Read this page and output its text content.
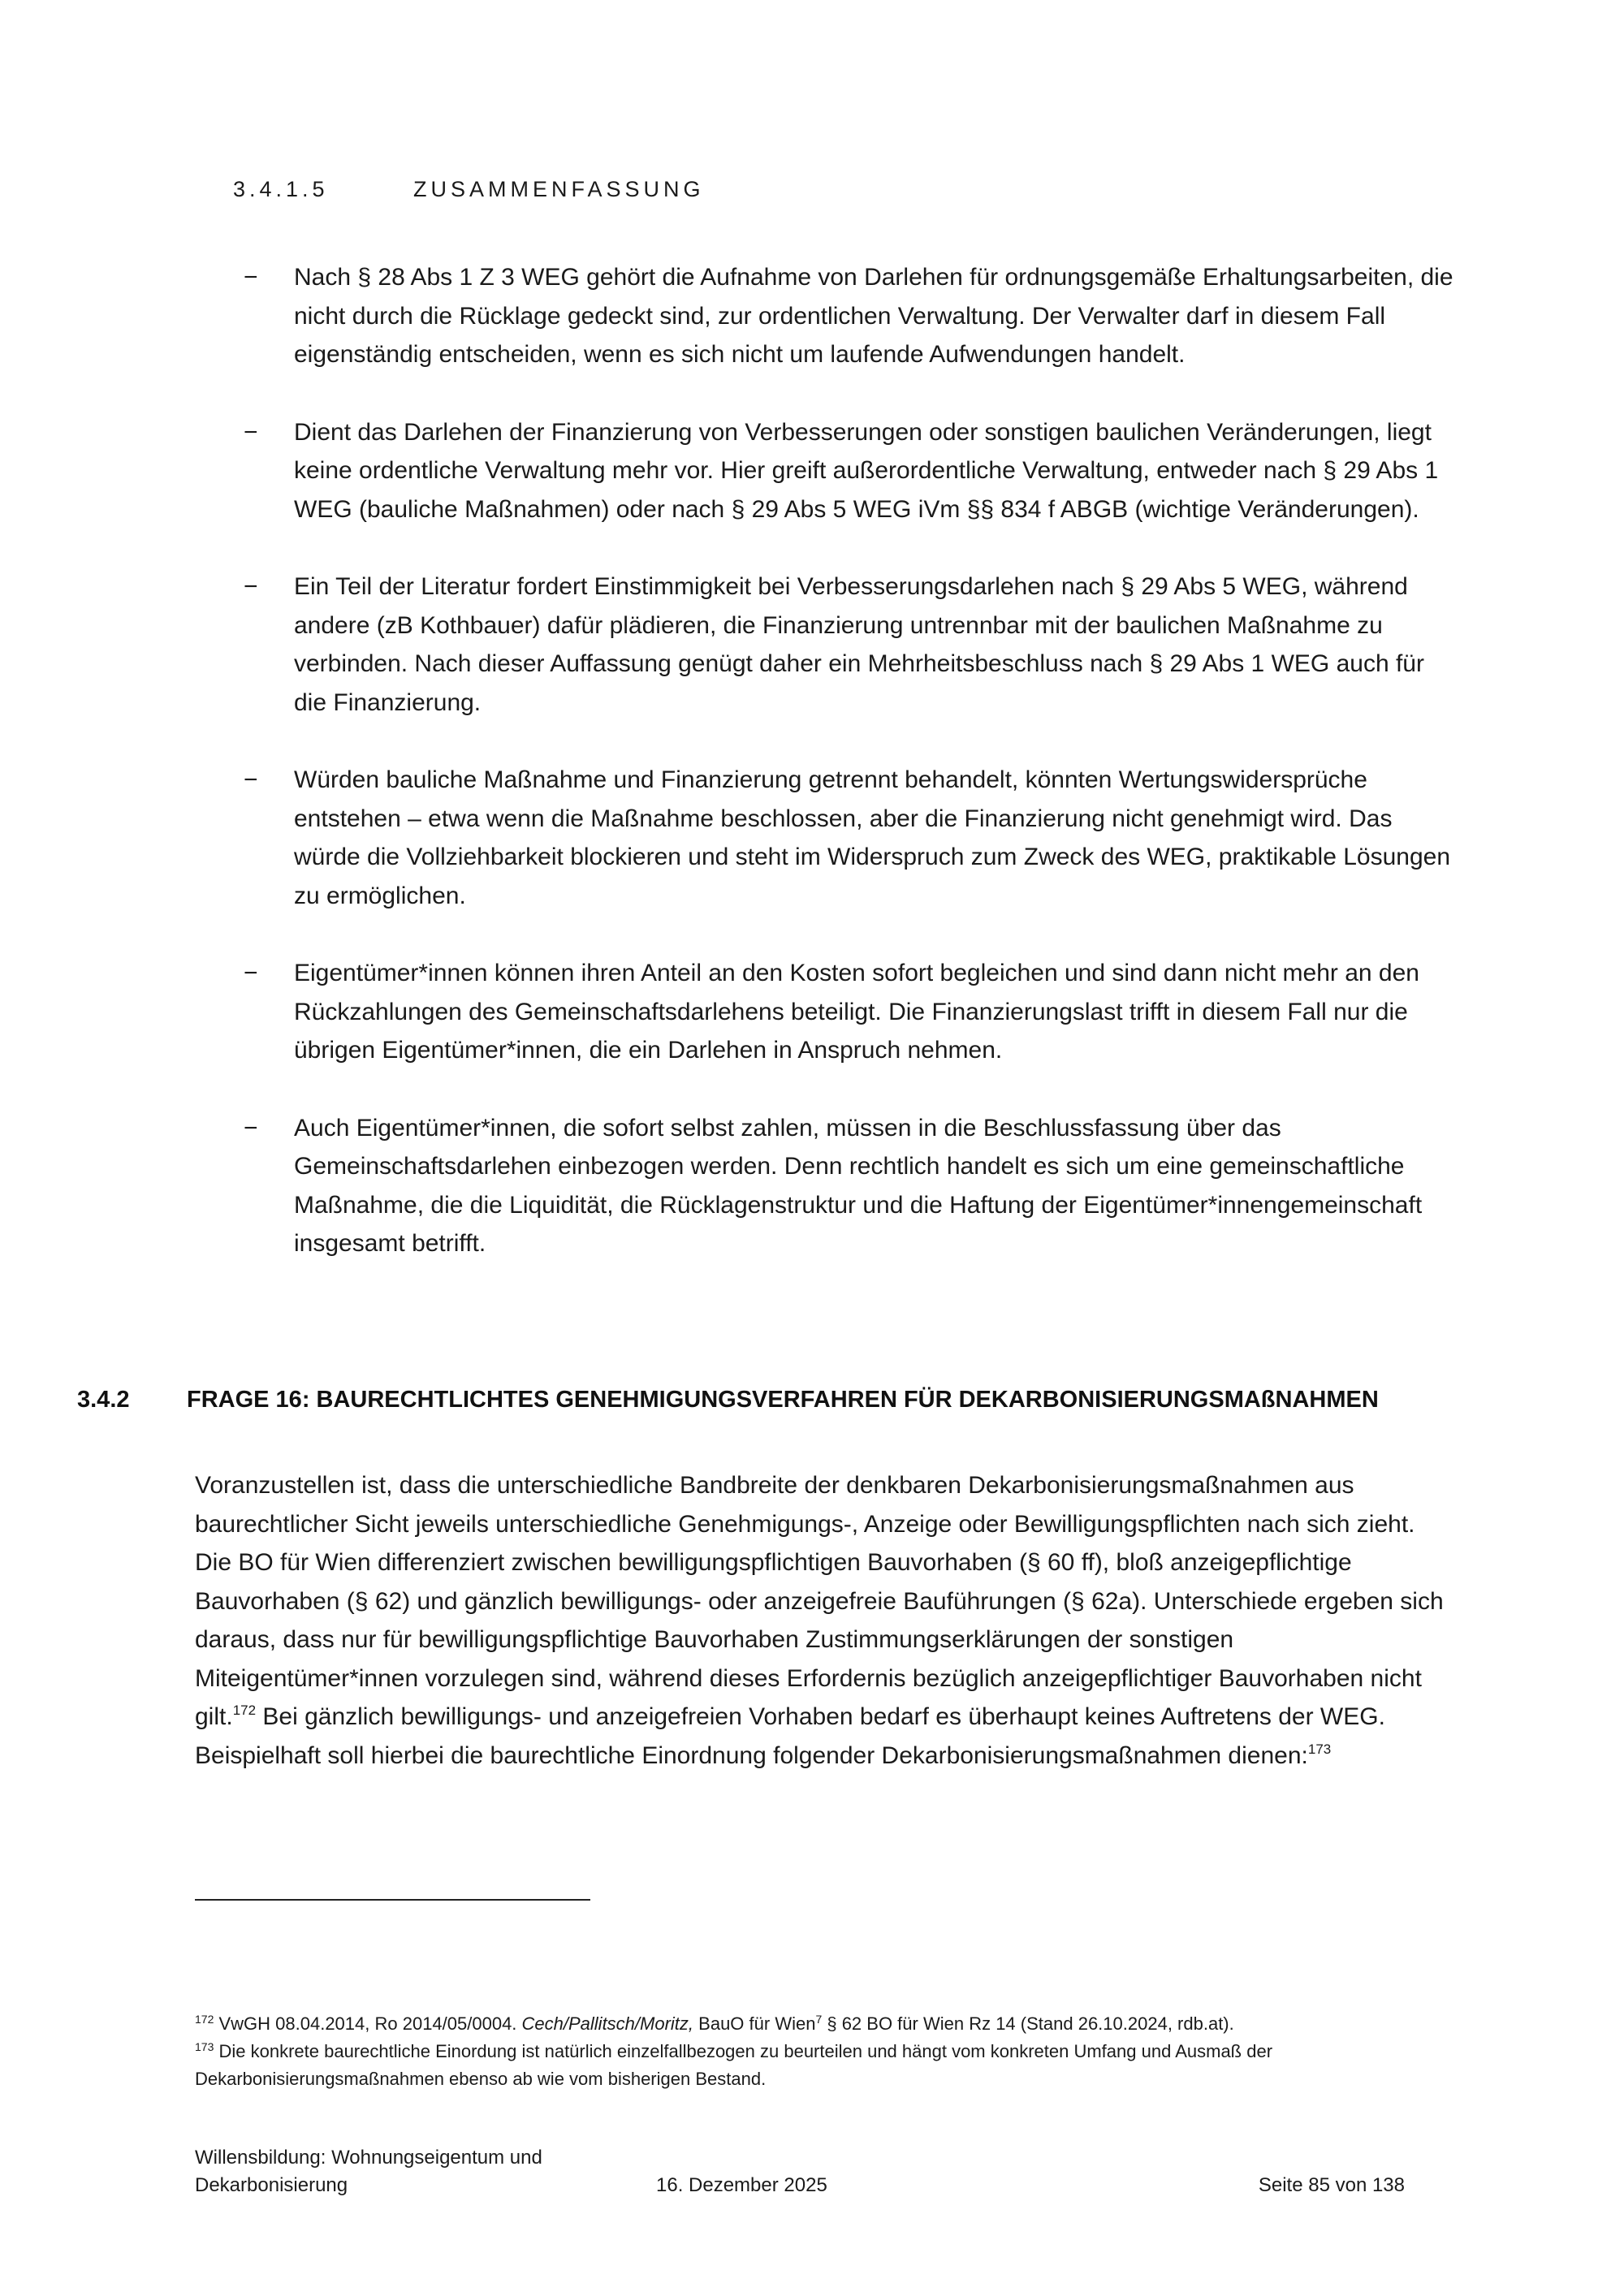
3.4.1.5	ZUSAMMENFASSUNG
−	Nach § 28 Abs 1 Z 3 WEG gehört die Aufnahme von Darlehen für ordnungsgemäße Erhaltungsarbeiten, die nicht durch die Rücklage gedeckt sind, zur ordentlichen Verwaltung. Der Verwalter darf in diesem Fall eigenständig entscheiden, wenn es sich nicht um laufende Aufwendungen handelt.
−	Dient das Darlehen der Finanzierung von Verbesserungen oder sonstigen baulichen Veränderungen, liegt keine ordentliche Verwaltung mehr vor. Hier greift außerordentliche Verwaltung, entweder nach § 29 Abs 1 WEG (bauliche Maßnahmen) oder nach § 29 Abs 5 WEG iVm §§ 834 f ABGB (wichtige Veränderungen).
−	Ein Teil der Literatur fordert Einstimmigkeit bei Verbesserungsdarlehen nach § 29 Abs 5 WEG, während andere (zB Kothbauer) dafür plädieren, die Finanzierung untrennbar mit der baulichen Maßnahme zu verbinden. Nach dieser Auffassung genügt daher ein Mehrheitsbeschluss nach § 29 Abs 1 WEG auch für die Finanzierung.
−	Würden bauliche Maßnahme und Finanzierung getrennt behandelt, könnten Wertungswidersprüche entstehen – etwa wenn die Maßnahme beschlossen, aber die Finanzierung nicht genehmigt wird. Das würde die Vollziehbarkeit blockieren und steht im Widerspruch zum Zweck des WEG, praktikable Lösungen zu ermöglichen.
−	Eigentümer*innen können ihren Anteil an den Kosten sofort begleichen und sind dann nicht mehr an den Rückzahlungen des Gemeinschaftsdarlehens beteiligt. Die Finanzierungslast trifft in diesem Fall nur die übrigen Eigentümer*innen, die ein Darlehen in Anspruch nehmen.
−	Auch Eigentümer*innen, die sofort selbst zahlen, müssen in die Beschlussfassung über das Gemeinschaftsdarlehen einbezogen werden. Denn rechtlich handelt es sich um eine gemeinschaftliche Maßnahme, die die Liquidität, die Rücklagenstruktur und die Haftung der Eigentümer*innengemeinschaft insgesamt betrifft.
3.4.2	FRAGE 16: BAURECHTLICHTES GENEHMIGUNGSVERFAHREN FÜR DEKARBONISIERUNGSMAßNAHMEN

Voranzustellen ist, dass die unterschiedliche Bandbreite der denkbaren Dekarbonisierungsmaßnahmen aus baurechtlicher Sicht jeweils unterschiedliche Genehmigungs-, Anzeige oder Bewilligungspflichten nach sich zieht. Die BO für Wien differenziert zwischen bewilligungspflichtigen Bauvorhaben (§ 60 ff), bloß anzeigepflichtige Bauvorhaben (§ 62) und gänzlich bewilligungs- oder anzeigefreie Bauführungen (§ 62a). Unterschiede ergeben sich daraus, dass nur für bewilligungspflichtige Bauvorhaben Zustimmungserklärungen der sonstigen Miteigentümer*innen vorzulegen sind, während dieses Erfordernis bezüglich anzeigepflichtiger Bauvorhaben nicht gilt.$^{172}$ Bei gänzlich bewilligungs- und anzeigefreien Vorhaben bedarf es überhaupt keines Auftretens der WEG. Beispielhaft soll hierbei die baurechtliche Einordnung folgender Dekarbonisierungsmaßnahmen dienen:$^{173}$

$^{172}$ VwGH 08.04.2014, Ro 2014/05/0004. Cech/Pallitsch/Moritz, BauO für Wien$^7$ § 62 BO für Wien Rz 14 (Stand 26.10.2024, rdb.at).
$^{173}$ Die konkrete baurechtliche Einordung ist natürlich einzelfallbezogen zu beurteilen und hängt vom konkreten Umfang und Ausmaß der Dekarbonisierungsmaßnahmen ebenso ab wie vom bisherigen Bestand.
Willensbildung: Wohnungseigentum und Dekarbonisierung	16. Dezember 2025	Seite 85 von 138
